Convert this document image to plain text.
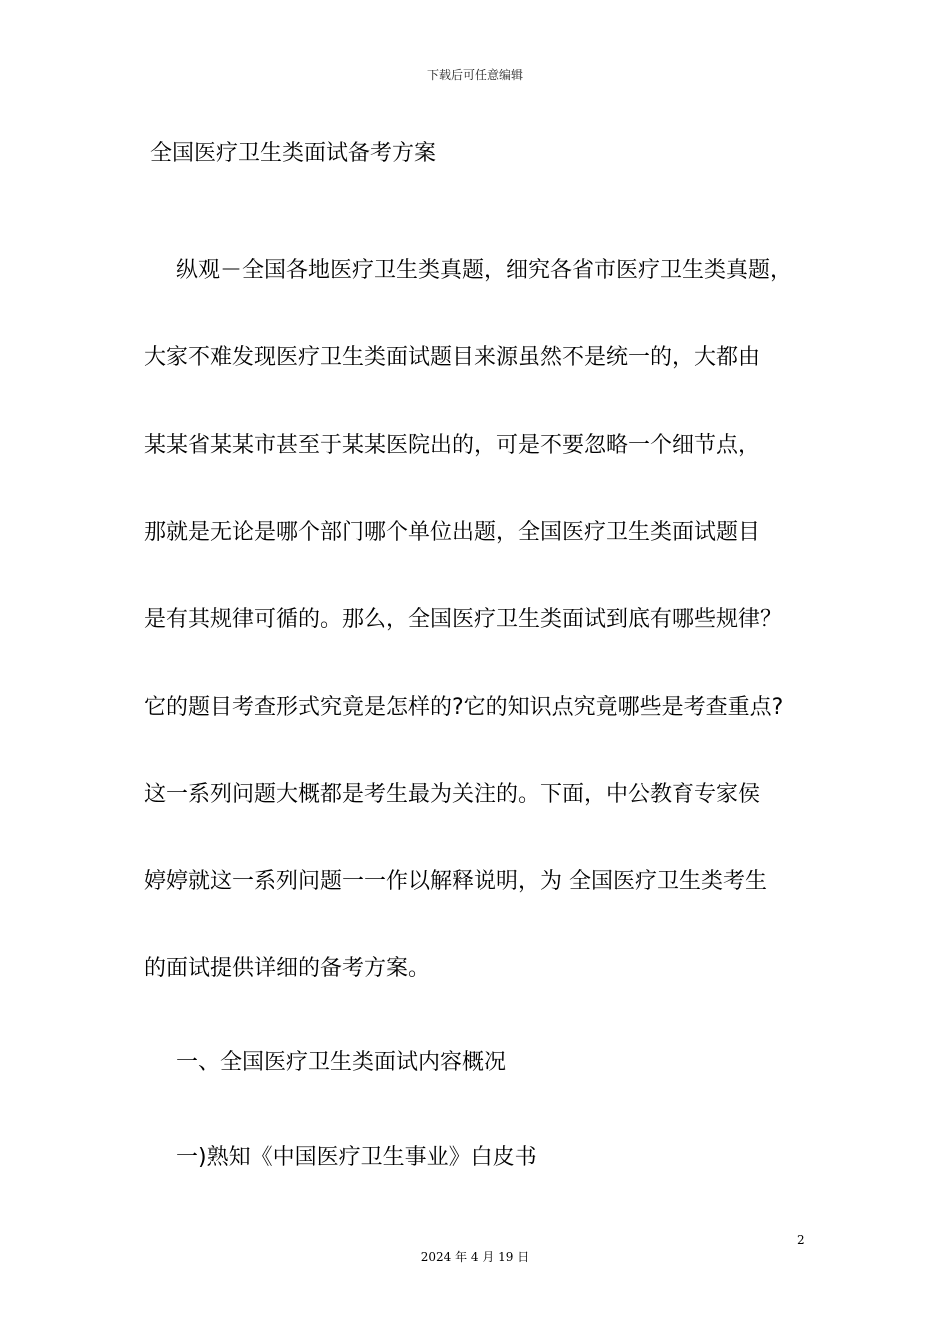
下载后可任意编辑
全国医疗卫生类面试备考方案
纵观－全国各地医疗卫生类真题，细究各省市医疗卫生类真题，
大家不难发现医疗卫生类面试题目来源虽然不是统一的，大都由
某某省某某市甚至于某某医院出的，可是不要忽略一个细节点，
那就是无论是哪个部门哪个单位出题，全国医疗卫生类面试题目
是有其规律可循的。那么，全国医疗卫生类面试到底有哪些规律？
它的题目考查形式究竟是怎样的?它的知识点究竟哪些是考查重点?
这一系列问题大概都是考生最为关注的。下面，中公教育专家侯
婷婷就这一系列问题一一作以解释说明，为 全国医疗卫生类考生
的面试提供详细的备考方案。
一、全国医疗卫生类面试内容概况
一)熟知《中国医疗卫生事业》白皮书
2
2024 年 4 月 19 日
